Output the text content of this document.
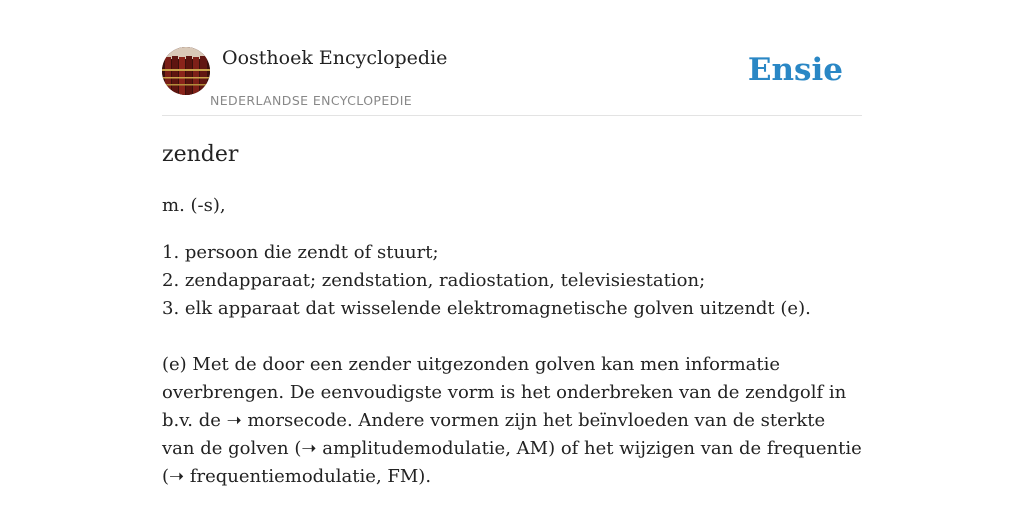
Oosthoek Encyclopedie
NEDERLANDSE ENCYCLOPEDIE
Ensie
zender

m. (-s),

1. persoon die zendt of stuurt;
2. zendapparaat; zendstation, radiostation, televisiestation;
3. elk apparaat dat wisselende elektromagnetische golven uitzendt (e).

(e) Met de door een zender uitgezonden golven kan men informatie overbrengen. De eenvoudigste vorm is het onderbreken van de zendgolf in b.v. de ➝ morsecode. Andere vormen zijn het beïnvloeden van de sterkte van de golven (➝ amplitudemodulatie, AM) of het wijzigen van de frequentie (➝ frequentiemodulatie, FM).
